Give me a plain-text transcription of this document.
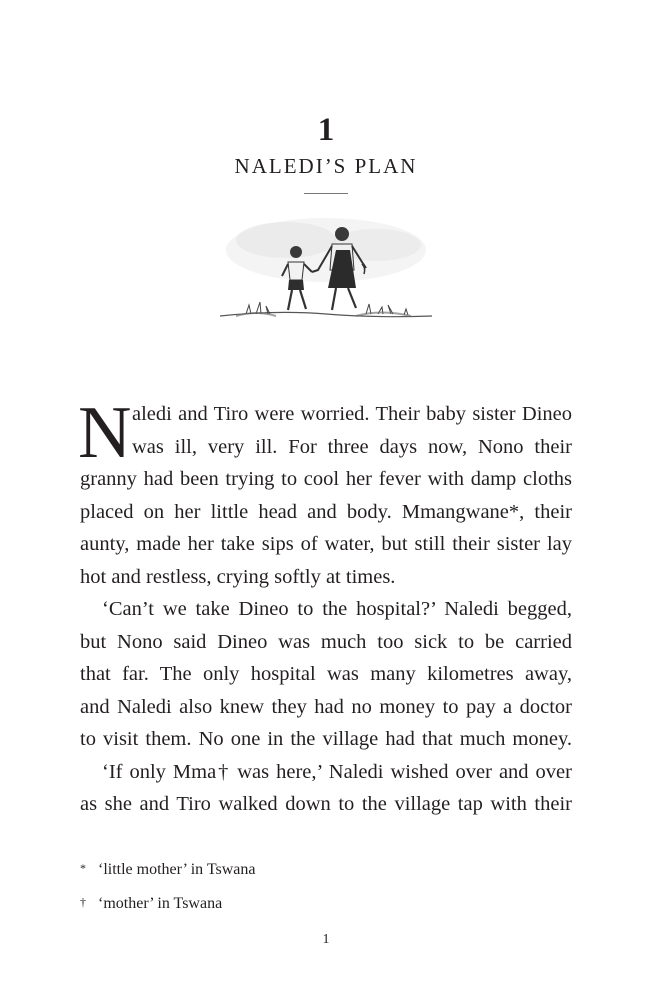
1
NALEDI’S PLAN
N aledi and Tiro were worried. Their baby sister Dineo
was ill, very ill. For three days now, Nono their
granny had been trying to cool her fever with damp cloths
placed on her little head and body. Mmangwane*, their
aunty, made her take sips of water, but still their sister lay
hot and restless, crying softly at times.
‘Can’t we take Dineo to the hospital?’ Naledi begged,
but Nono said Dineo was much too sick to be carried
that far. The only hospital was many kilometres away,
and Naledi also knew they had no money to pay a doctor
to visit them. No one in the village had that much money.
‘If only Mma† was here,’ Naledi wished over and over
as she and Tiro walked down to the village tap with their
* ‘little mother’ in Tswana
† ‘mother’ in Tswana
1
